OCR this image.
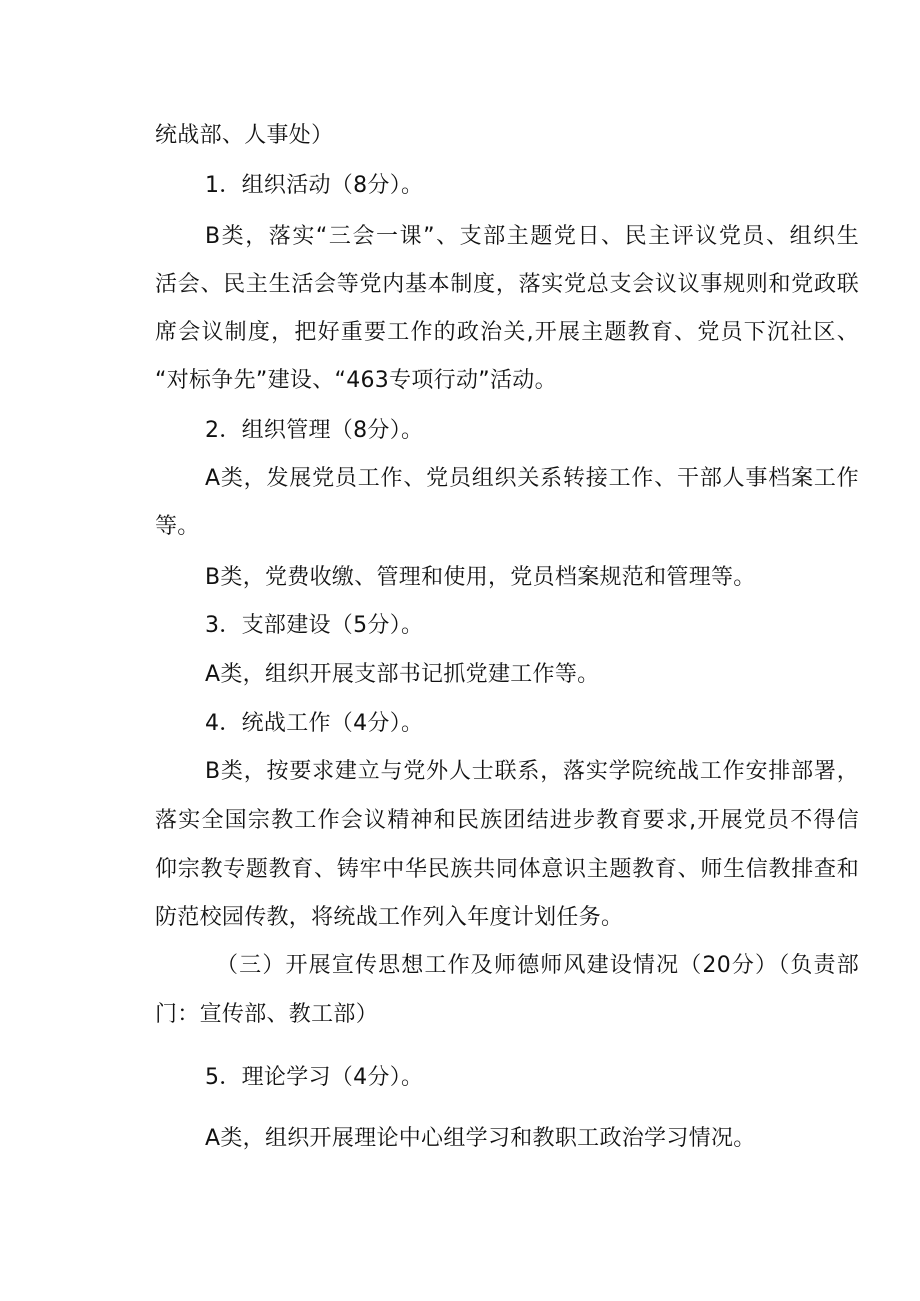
统战部、人事处）
1．组织活动（8分）。
B类，落实“三会一课”、支部主题党日、民主评议党员、组织生
活会、民主生活会等党内基本制度，落实党总支会议议事规则和党政联
席会议制度，把好重要工作的政治关,开展主题教育、党员下沉社区、
“对标争先”建设、“463专项行动”活动。
2．组织管理（8分）。
A类，发展党员工作、党员组织关系转接工作、干部人事档案工作
等。
B类，党费收缴、管理和使用，党员档案规范和管理等。
3．支部建设（5分）。
A类，组织开展支部书记抓党建工作等。
4．统战工作（4分）。
B类，按要求建立与党外人士联系，落实学院统战工作安排部署，
落实全国宗教工作会议精神和民族团结进步教育要求,开展党员不得信
仰宗教专题教育、铸牢中华民族共同体意识主题教育、师生信教排查和
防范校园传教，将统战工作列入年度计划任务。
（三）开展宣传思想工作及师德师风建设情况（20分）（负责部
门：宣传部、教工部）
5．理论学习（4分）。
A类，组织开展理论中心组学习和教职工政治学习情况。
